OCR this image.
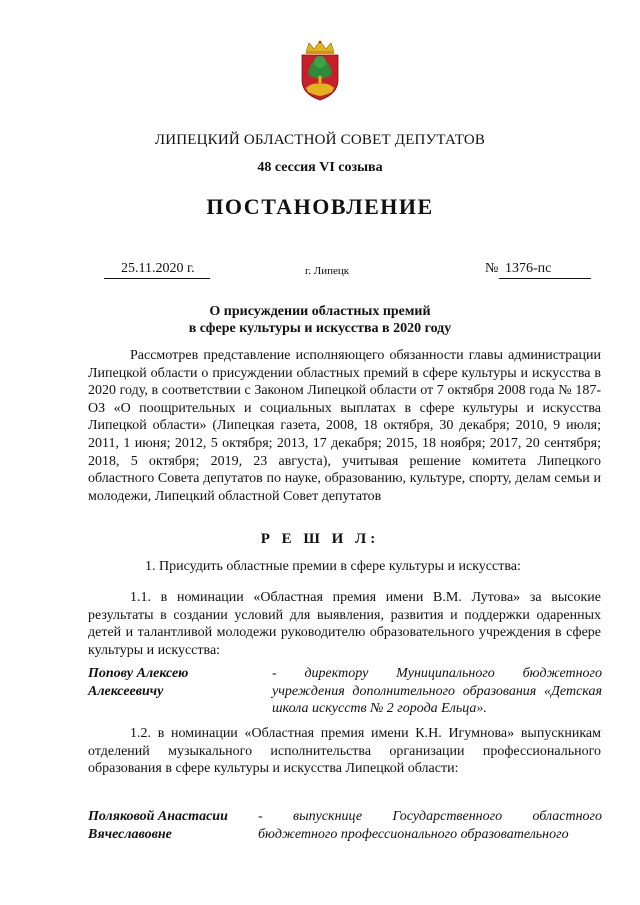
ЛИПЕЦКИЙ ОБЛАСТНОЙ СОВЕТ ДЕПУТАТОВ
48 сессия VI созыва
ПОСТАНОВЛЕНИЕ
25.11.2020 г.	г. Липецк	№ 1376-пс
О присуждении областных премий
в сфере культуры и искусства в 2020 году
Рассмотрев представление исполняющего обязанности главы администрации Липецкой области о присуждении областных премий в сфере культуры и искусства в 2020 году, в соответствии с Законом Липецкой области от 7 октября 2008 года № 187-ОЗ «О поощрительных и социальных выплатах в сфере культуры и искусства Липецкой области» (Липецкая газета, 2008, 18 октября, 30 декабря; 2010, 9 июля; 2011, 1 июня; 2012, 5 октября; 2013, 17 декабря; 2015, 18 ноября; 2017, 20 сентября; 2018, 5 октября; 2019, 23 августа), учитывая решение комитета Липецкого областного Совета депутатов по науке, образованию, культуре, спорту, делам семьи и молодежи, Липецкий областной Совет депутатов
Р Е Ш И Л:
1. Присудить областные премии в сфере культуры и искусства:
1.1. в номинации «Областная премия имени В.М. Лутова» за высокие результаты в создании условий для выявления, развития и поддержки одаренных детей и талантливой молодежи руководителю образовательного учреждения в сфере культуры и искусства:
Попову Алексею
Алексеевичу
- директору Муниципального бюджетного учреждения дополнительного образования «Детская школа искусств № 2 города Ельца».
1.2. в номинации «Областная премия имени К.Н. Игумнова» выпускникам отделений музыкального исполнительства организации профессионального образования в сфере культуры и искусства Липецкой области:
Поляковой Анастасии
Вячеславовне
- выпускнице Государственного областного бюджетного профессионального образовательного
